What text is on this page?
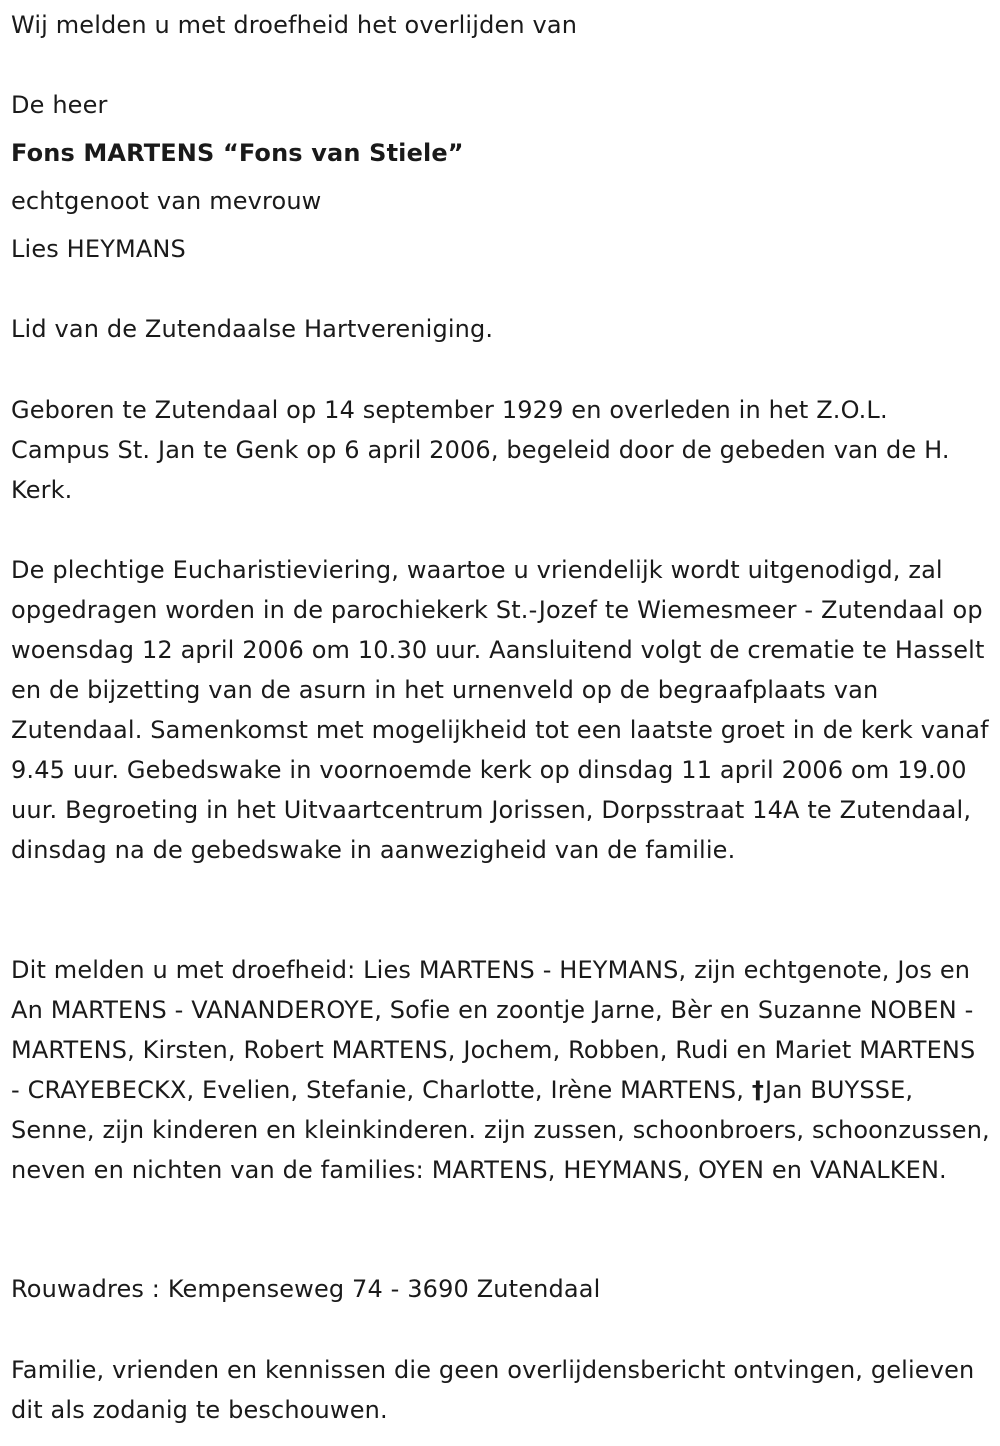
Wij melden u met droefheid het overlijden van
De heer
Fons MARTENS “Fons van Stiele”
echtgenoot van mevrouw
Lies HEYMANS
Lid van de Zutendaalse Hartvereniging.

Geboren te Zutendaal op 14 september 1929 en overleden in het Z.O.L. Campus St. Jan te Genk op 6 april 2006, begeleid door de gebeden van de H. Kerk.

De plechtige Eucharistieviering, waartoe u vriendelijk wordt uitgenodigd, zal opgedragen worden in de parochiekerk St.-Jozef te Wiemesmeer - Zutendaal op woensdag 12 april 2006 om 10.30 uur. Aansluitend volgt de crematie te Hasselt en de bijzetting van de asurn in het urnenveld op de begraafplaats van Zutendaal. Samenkomst met mogelijkheid tot een laatste groet in de kerk vanaf 9.45 uur. Gebedswake in voornoemde kerk op dinsdag 11 april 2006 om 19.00 uur. Begroeting in het Uitvaartcentrum Jorissen, Dorpsstraat 14A te Zutendaal, dinsdag na de gebedswake in aanwezigheid van de familie.

Dit melden u met droefheid: Lies MARTENS - HEYMANS, zijn echtgenote, Jos en An MARTENS - VANANDEROYE, Sofie en zoontje Jarne, Bèr en Suzanne NOBEN - MARTENS, Kirsten, Robert MARTENS, Jochem, Robben, Rudi en Mariet MARTENS - CRAYEBECKX, Evelien, Stefanie, Charlotte, Irène MARTENS, †Jan BUYSSE, Senne, zijn kinderen en kleinkinderen. zijn zussen, schoonbroers, schoonzussen, neven en nichten van de families: MARTENS, HEYMANS, OYEN en VANALKEN.

Rouwadres : Kempenseweg 74 - 3690 Zutendaal

Familie, vrienden en kennissen die geen overlijdensbericht ontvingen, gelieven dit als zodanig te beschouwen.
